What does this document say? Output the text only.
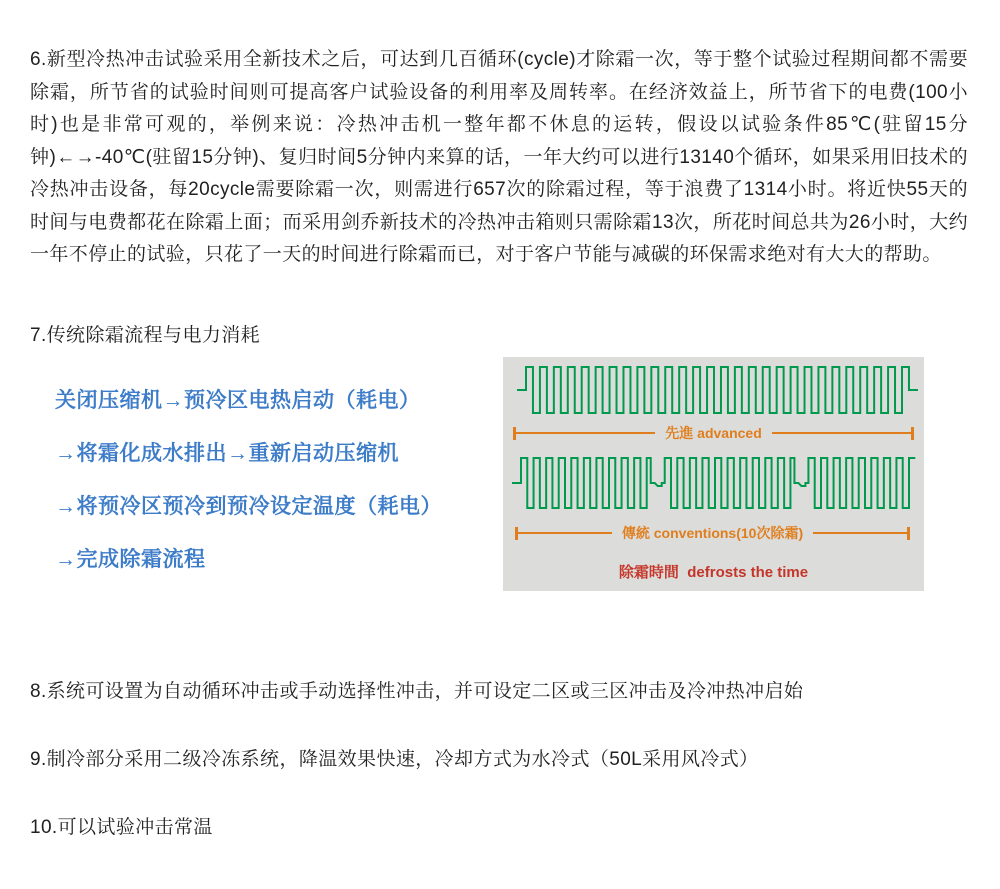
6.新型冷热冲击试验采用全新技术之后，可达到几百循环(cycle)才除霜一次，等于整个试验过程期间都不需要除霜，所节省的试验时间则可提高客户试验设备的利用率及周转率。在经济效益上，所节省下的电费(100小时)也是非常可观的，举例来说：冷热冲击机一整年都不休息的运转，假设以试验条件85℃(驻留15分钟)←→-40℃(驻留15分钟)、复归时间5分钟内来算的话，一年大约可以进行13140个循环，如果采用旧技术的冷热冲击设备，每20cycle需要除霜一次，则需进行657次的除霜过程，等于浪费了1314小时。将近快55天的时间与电费都花在除霜上面；而采用剑乔新技术的冷热冲击箱则只需除霜13次，所花时间总共为26小时，大约一年不停止的试验，只花了一天的时间进行除霜而已，对于客户节能与减碳的环保需求绝对有大大的帮助。
7.传统除霜流程与电力消耗
关闭压缩机→预冷区电热启动（耗电）
→将霜化成水排出→重新启动压缩机
→将预冷区预冷到预冷设定温度（耗电）
→完成除霜流程
先進 advanced
傳統 conventions(10次除霜)
除霜時間  defrosts the time
8.系统可设置为自动循环冲击或手动选择性冲击，并可设定二区或三区冲击及冷冲热冲启始
9.制冷部分采用二级冷冻系统，降温效果快速，冷却方式为水冷式（50L采用风冷式）
10.可以试验冲击常温
